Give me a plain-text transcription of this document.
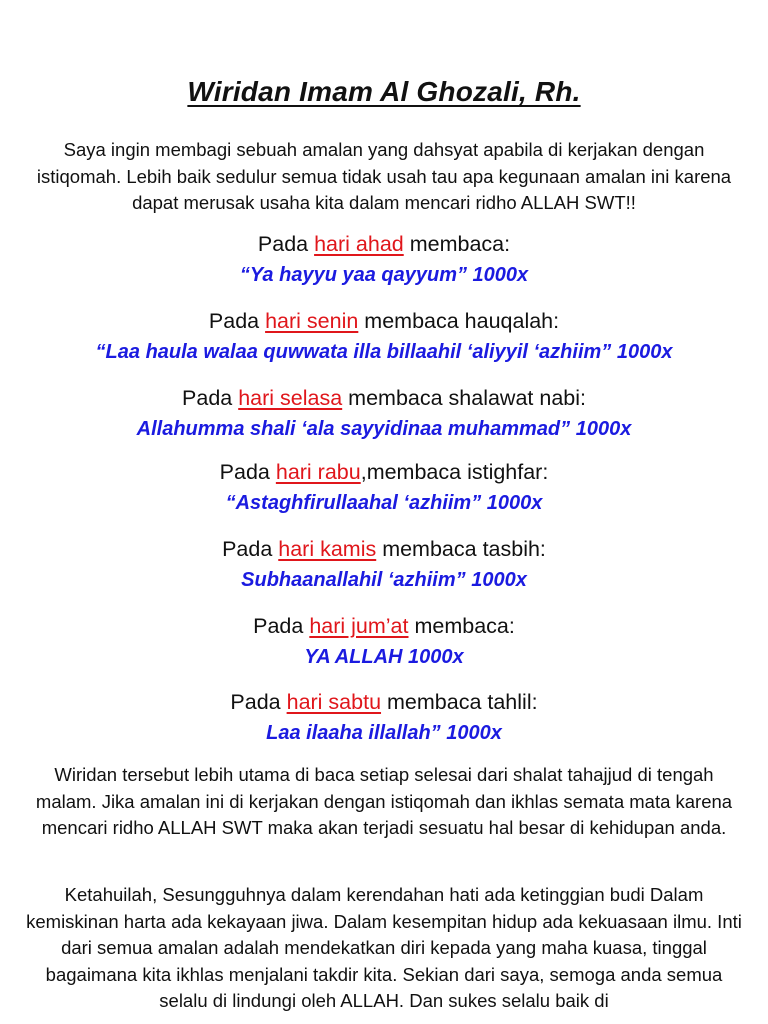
Wiridan Imam Al Ghozali, Rh.
Saya ingin membagi sebuah amalan yang dahsyat apabila di kerjakan dengan istiqomah. Lebih baik sedulur semua tidak usah tau apa kegunaan amalan ini karena dapat merusak usaha kita dalam mencari ridho ALLAH SWT!!
Pada hari ahad membaca:
“Ya hayyu yaa qayyum” 1000x
Pada hari senin membaca hauqalah:
“Laa haula walaa quwwata illa billaahil ‘aliyyil ‘azhiim” 1000x
Pada hari selasa membaca shalawat nabi:
Allahumma shali ‘ala sayyidinaa muhammad” 1000x
Pada hari rabu,membaca istighfar:
“Astaghfirullaahal ‘azhiim” 1000x
Pada hari kamis membaca tasbih:
Subhaanallahil ‘azhiim” 1000x
Pada hari jum’at membaca:
YA ALLAH 1000x
Pada hari sabtu membaca tahlil:
Laa ilaaha illallah” 1000x
Wiridan tersebut lebih utama di baca setiap selesai dari shalat tahajjud di tengah malam. Jika amalan ini di kerjakan dengan istiqomah dan ikhlas semata mata karena mencari ridho ALLAH SWT maka akan terjadi sesuatu hal besar di kehidupan anda.
Ketahuilah, Sesungguhnya dalam kerendahan hati ada ketinggian budi Dalam kemiskinan harta ada kekayaan jiwa. Dalam kesempitan hidup ada kekuasaan ilmu. Inti dari semua amalan adalah mendekatkan diri kepada yang maha kuasa, tinggal bagaimana kita ikhlas menjalani takdir kita. Sekian dari saya, semoga anda semua selalu di lindungi oleh ALLAH. Dan sukes selalu baik di
